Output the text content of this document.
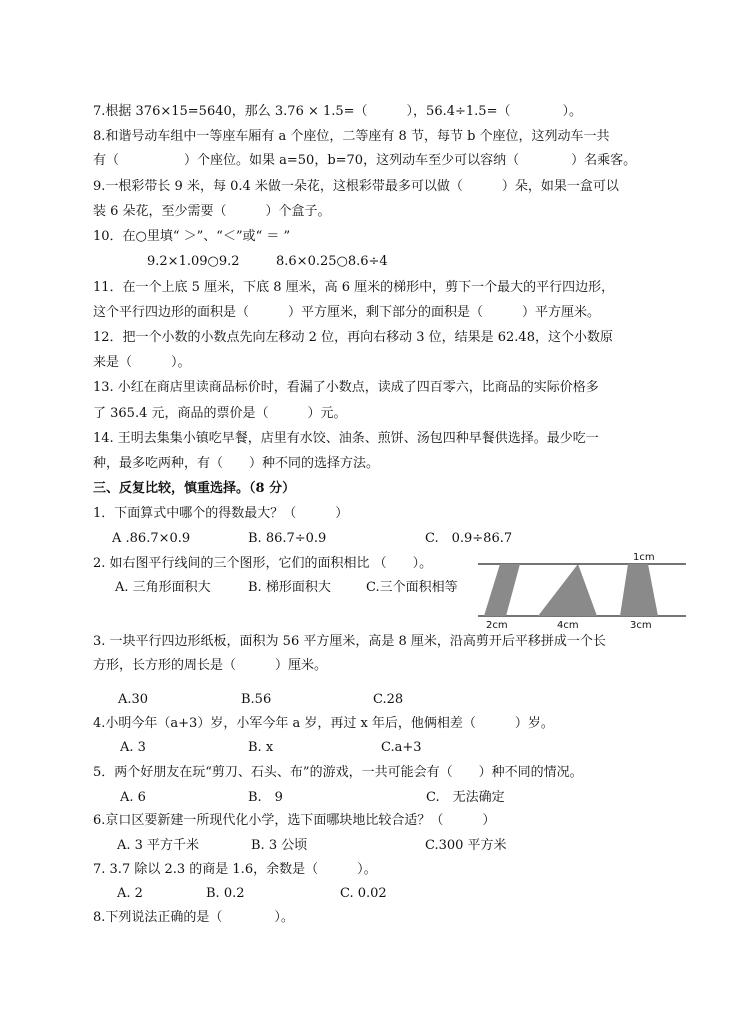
7.根据 376×15=5640，那么 3.76 × 1.5=（　　　），56.4÷1.5=（　　　　）。
8.和谐号动车组中一等座车厢有 a 个座位，二等座有 8 节，每节 b 个座位，这列动车一共
有（　　　　　）个座位。如果 a=50，b=70，这列动车至少可以容纳（　　　　）名乘客。
9.一根彩带长 9 米，每 0.4 米做一朵花，这根彩带最多可以做（　　　）朵，如果一盒可以
装 6 朵花，至少需要（　　　）个盒子。
10．在○里填“ ＞”、“＜”或“ ＝ ”
9.2×1.09○9.2	8.6×0.25○8.6÷4
11．在一个上底 5 厘米，下底 8 厘米，高 6 厘米的梯形中，剪下一个最大的平行四边形，
这个平行四边形的面积是（　　　）平方厘米，剩下部分的面积是（　　　）平方厘米。
12．把一个小数的小数点先向左移动 2 位，再向右移动 3 位，结果是 62.48，这个小数原
来是（　　　）。
13. 小红在商店里读商品标价时，看漏了小数点，读成了四百零六，比商品的实际价格多
了 365.4 元，商品的票价是（　　　）元。
14. 王明去集集小镇吃早餐，店里有水饺、油条、煎饼、汤包四种早餐供选择。最少吃一
种，最多吃两种，有（　　）种不同的选择方法。
三、反复比较，慎重选择。（8 分）
1．下面算式中哪个的得数最大？（　　　）
A .86.7×0.9	B. 86.7÷0.9	C.　0.9÷86.7
2. 如右图平行线间的三个图形，它们的面积相比 （　　）。
A. 三角形面积大	B. 梯形面积大	C.三个面积相等
1cm
2cm	4cm	3cm
3. 一块平行四边形纸板，面积为 56 平方厘米，高是 8 厘米，沿高剪开后平移拼成一个长
方形，长方形的周长是（　　　）厘米。
A.30	B.56	C.28
4.小明今年（a+3）岁，小军今年 a 岁，再过 x 年后，他俩相差（　　　）岁。
A. 3	B. x	C.a+3
5．两个好朋友在玩“剪刀、石头、布”的游戏，一共可能会有（　　）种不同的情况。
A. 6	B.　9	C.　无法确定
6.京口区要新建一所现代化小学，选下面哪块地比较合适？（　　　）
A. 3 平方千米	B. 3 公顷	C.300 平方米
7. 3.7 除以 2.3 的商是 1.6，余数是（　　　）。
A. 2	B. 0.2	C. 0.02
8.下列说法正确的是（　　　　）。
